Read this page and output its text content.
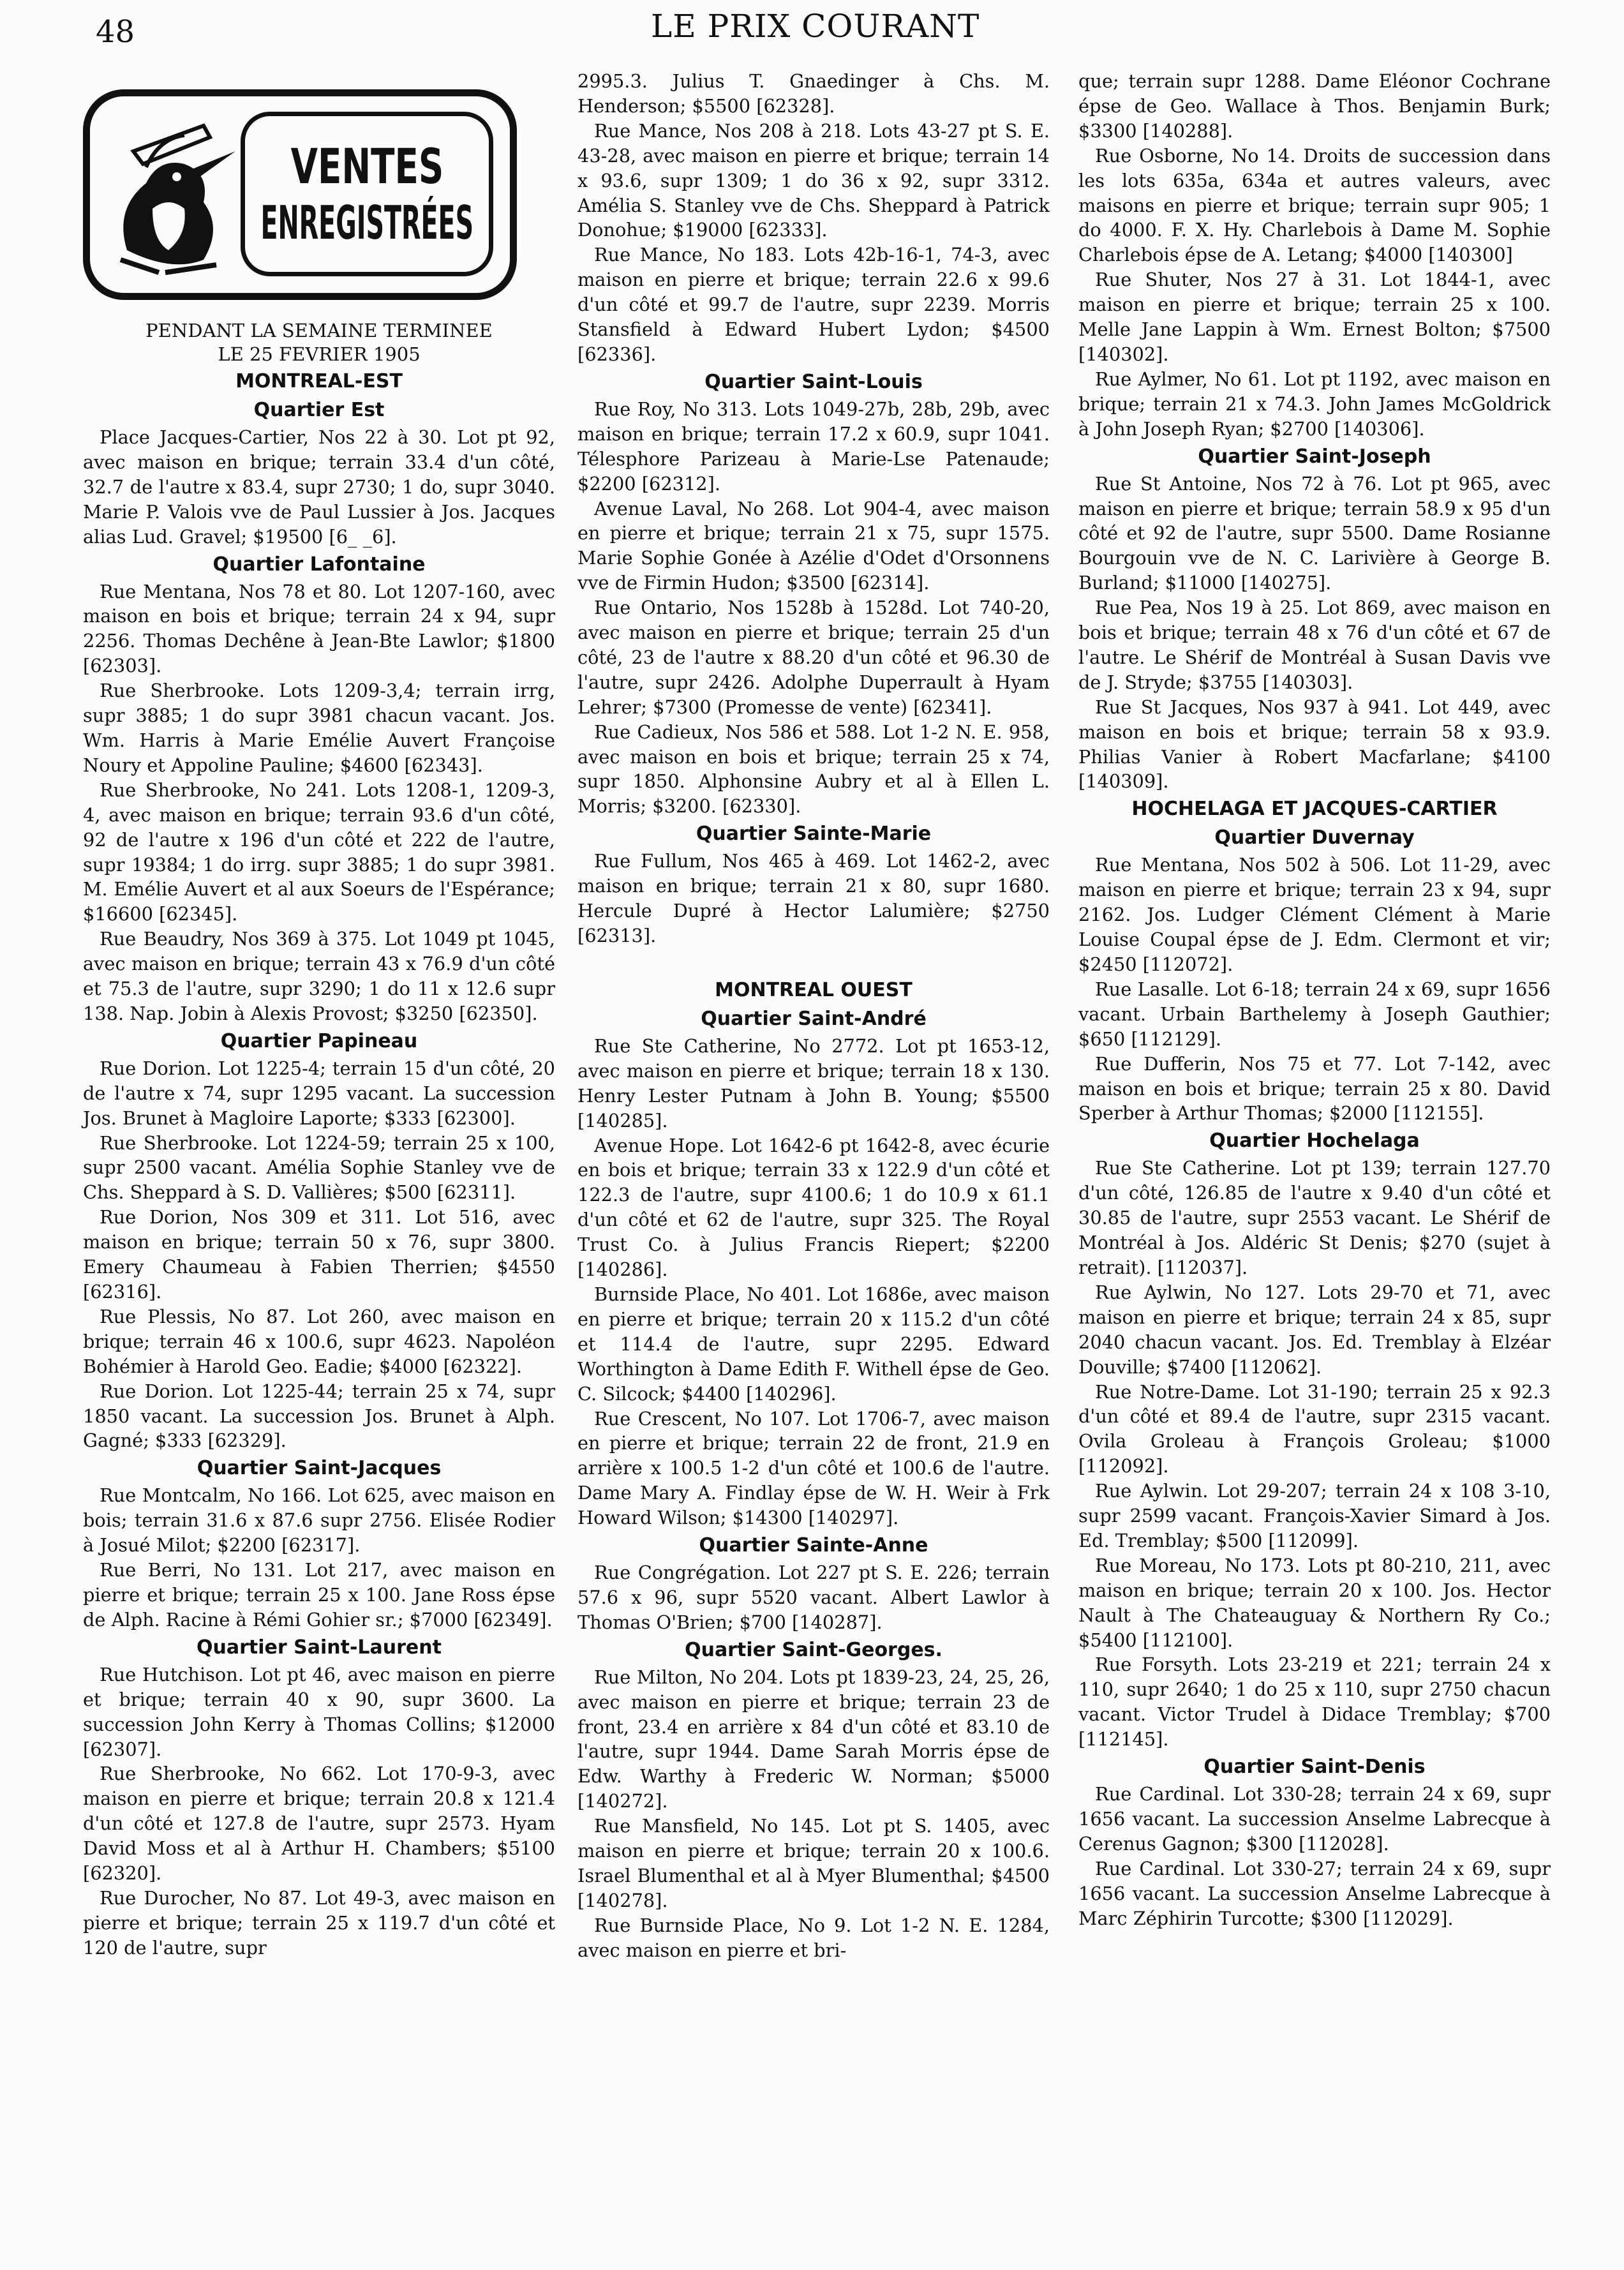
48	LE PRIX COURANT
VENTES
ENREGISTRÉES
PENDANT LA SEMAINE TERMINEE
LE 25 FEVRIER 1905
MONTREAL-EST
Quartier Est

Place Jacques-Cartier, Nos 22 à 30. Lot pt 92, avec maison en brique; terrain 33.4 d'un côté, 32.7 de l'autre x 83.4, supr 2730; 1 do, supr 3040. Marie P. Valois vve de Paul Lussier à Jos. Jacques alias Lud. Gravel; $19500 [6_ _6].

Quartier Lafontaine

Rue Mentana, Nos 78 et 80. Lot 1207-160, avec maison en bois et brique; terrain 24 x 94, supr 2256. Thomas Dechêne à Jean-Bte Lawlor; $1800 [62303].

Rue Sherbrooke. Lots 1209-3,4; terrain irrg, supr 3885; 1 do supr 3981 chacun vacant. Jos. Wm. Harris à Marie Emélie Auvert Françoise Noury et Appoline Pauline; $4600 [62343].

Rue Sherbrooke, No 241. Lots 1208-1, 1209-3, 4, avec maison en brique; terrain 93.6 d'un côté, 92 de l'autre x 196 d'un côté et 222 de l'autre, supr 19384; 1 do irrg. supr 3885; 1 do supr 3981. M. Emélie Auvert et al aux Soeurs de l'Espérance; $16600 [62345].

Rue Beaudry, Nos 369 à 375. Lot 1049 pt 1045, avec maison en brique; terrain 43 x 76.9 d'un côté et 75.3 de l'autre, supr 3290; 1 do 11 x 12.6 supr 138. Nap. Jobin à Alexis Provost; $3250 [62350].

Quartier Papineau

Rue Dorion. Lot 1225-4; terrain 15 d'un côté, 20 de l'autre x 74, supr 1295 vacant. La succession Jos. Brunet à Magloire Laporte; $333 [62300].

Rue Sherbrooke. Lot 1224-59; terrain 25 x 100, supr 2500 vacant. Amélia Sophie Stanley vve de Chs. Sheppard à S. D. Vallières; $500 [62311].

Rue Dorion, Nos 309 et 311. Lot 516, avec maison en brique; terrain 50 x 76, supr 3800. Emery Chaumeau à Fabien Therrien; $4550 [62316].

Rue Plessis, No 87. Lot 260, avec maison en brique; terrain 46 x 100.6, supr 4623. Napoléon Bohémier à Harold Geo. Eadie; $4000 [62322].

Rue Dorion. Lot 1225-44; terrain 25 x 74, supr 1850 vacant. La succession Jos. Brunet à Alph. Gagné; $333 [62329].

Quartier Saint-Jacques

Rue Montcalm, No 166. Lot 625, avec maison en bois; terrain 31.6 x 87.6 supr 2756. Elisée Rodier à Josué Milot; $2200 [62317].

Rue Berri, No 131. Lot 217, avec maison en pierre et brique; terrain 25 x 100. Jane Ross épse de Alph. Racine à Rémi Gohier sr.; $7000 [62349].

Quartier Saint-Laurent

Rue Hutchison. Lot pt 46, avec maison en pierre et brique; terrain 40 x 90, supr 3600. La succession John Kerry à Thomas Collins; $12000 [62307].

Rue Sherbrooke, No 662. Lot 170-9-3, avec maison en pierre et brique; terrain 20.8 x 121.4 d'un côté et 127.8 de l'autre, supr 2573. Hyam David Moss et al à Arthur H. Chambers; $5100 [62320].

Rue Durocher, No 87. Lot 49-3, avec maison en pierre et brique; terrain 25 x 119.7 d'un côté et 120 de l'autre, supr

2995.3. Julius T. Gnaedinger à Chs. M. Henderson; $5500 [62328].

Rue Mance, Nos 208 à 218. Lots 43-27 pt S. E. 43-28, avec maison en pierre et brique; terrain 14 x 93.6, supr 1309; 1 do 36 x 92, supr 3312. Amélia S. Stanley vve de Chs. Sheppard à Patrick Donohue; $19000 [62333].

Rue Mance, No 183. Lots 42b-16-1, 74-3, avec maison en pierre et brique; terrain 22.6 x 99.6 d'un côté et 99.7 de l'autre, supr 2239. Morris Stansfield à Edward Hubert Lydon; $4500 [62336].

Quartier Saint-Louis

Rue Roy, No 313. Lots 1049-27b, 28b, 29b, avec maison en brique; terrain 17.2 x 60.9, supr 1041. Télesphore Parizeau à Marie-Lse Patenaude; $2200 [62312].

Avenue Laval, No 268. Lot 904-4, avec maison en pierre et brique; terrain 21 x 75, supr 1575. Marie Sophie Gonée à Azélie d'Odet d'Orsonnens vve de Firmin Hudon; $3500 [62314].

Rue Ontario, Nos 1528b à 1528d. Lot 740-20, avec maison en pierre et brique; terrain 25 d'un côté, 23 de l'autre x 88.20 d'un côté et 96.30 de l'autre, supr 2426. Adolphe Duperrault à Hyam Lehrer; $7300 (Promesse de vente) [62341].

Rue Cadieux, Nos 586 et 588. Lot 1-2 N. E. 958, avec maison en bois et brique; terrain 25 x 74, supr 1850. Alphonsine Aubry et al à Ellen L. Morris; $3200. [62330].

Quartier Sainte-Marie

Rue Fullum, Nos 465 à 469. Lot 1462-2, avec maison en brique; terrain 21 x 80, supr 1680. Hercule Dupré à Hector Lalumière; $2750 [62313].

MONTREAL OUEST
Quartier Saint-André

Rue Ste Catherine, No 2772. Lot pt 1653-12, avec maison en pierre et brique; terrain 18 x 130. Henry Lester Putnam à John B. Young; $5500 [140285].

Avenue Hope. Lot 1642-6 pt 1642-8, avec écurie en bois et brique; terrain 33 x 122.9 d'un côté et 122.3 de l'autre, supr 4100.6; 1 do 10.9 x 61.1 d'un côté et 62 de l'autre, supr 325. The Royal Trust Co. à Julius Francis Riepert; $2200 [140286].

Burnside Place, No 401. Lot 1686e, avec maison en pierre et brique; terrain 20 x 115.2 d'un côté et 114.4 de l'autre, supr 2295. Edward Worthington à Dame Edith F. Withell épse de Geo. C. Silcock; $4400 [140296].

Rue Crescent, No 107. Lot 1706-7, avec maison en pierre et brique; terrain 22 de front, 21.9 en arrière x 100.5 1-2 d'un côté et 100.6 de l'autre. Dame Mary A. Findlay épse de W. H. Weir à Frk Howard Wilson; $14300 [140297].

Quartier Sainte-Anne

Rue Congrégation. Lot 227 pt S. E. 226; terrain 57.6 x 96, supr 5520 vacant. Albert Lawlor à Thomas O'Brien; $700 [140287].

Quartier Saint-Georges.

Rue Milton, No 204. Lots pt 1839-23, 24, 25, 26, avec maison en pierre et brique; terrain 23 de front, 23.4 en arrière x 84 d'un côté et 83.10 de l'autre, supr 1944. Dame Sarah Morris épse de Edw. Warthy à Frederic W. Norman; $5000 [140272].

Rue Mansfield, No 145. Lot pt S. 1405, avec maison en pierre et brique; terrain 20 x 100.6. Israel Blumenthal et al à Myer Blumenthal; $4500 [140278].

Rue Burnside Place, No 9. Lot 1-2 N. E. 1284, avec maison en pierre et bri-

que; terrain supr 1288. Dame Eléonor Cochrane épse de Geo. Wallace à Thos. Benjamin Burk; $3300 [140288].

Rue Osborne, No 14. Droits de succession dans les lots 635a, 634a et autres valeurs, avec maisons en pierre et brique; terrain supr 905; 1 do 4000. F. X. Hy. Charlebois à Dame M. Sophie Charlebois épse de A. Letang; $4000 [140300]

Rue Shuter, Nos 27 à 31. Lot 1844-1, avec maison en pierre et brique; terrain 25 x 100. Melle Jane Lappin à Wm. Ernest Bolton; $7500 [140302].

Rue Aylmer, No 61. Lot pt 1192, avec maison en brique; terrain 21 x 74.3. John James McGoldrick à John Joseph Ryan; $2700 [140306].

Quartier Saint-Joseph

Rue St Antoine, Nos 72 à 76. Lot pt 965, avec maison en pierre et brique; terrain 58.9 x 95 d'un côté et 92 de l'autre, supr 5500. Dame Rosianne Bourgouin vve de N. C. Larivière à George B. Burland; $11000 [140275].

Rue Pea, Nos 19 à 25. Lot 869, avec maison en bois et brique; terrain 48 x 76 d'un côté et 67 de l'autre. Le Shérif de Montréal à Susan Davis vve de J. Stryde; $3755 [140303].

Rue St Jacques, Nos 937 à 941. Lot 449, avec maison en bois et brique; terrain 58 x 93.9. Philias Vanier à Robert Macfarlane; $4100 [140309].

HOCHELAGA ET JACQUES-CARTIER
Quartier Duvernay

Rue Mentana, Nos 502 à 506. Lot 11-29, avec maison en pierre et brique; terrain 23 x 94, supr 2162. Jos. Ludger Clément Clément à Marie Louise Coupal épse de J. Edm. Clermont et vir; $2450 [112072].

Rue Lasalle. Lot 6-18; terrain 24 x 69, supr 1656 vacant. Urbain Barthelemy à Joseph Gauthier; $650 [112129].

Rue Dufferin, Nos 75 et 77. Lot 7-142, avec maison en bois et brique; terrain 25 x 80. David Sperber à Arthur Thomas; $2000 [112155].

Quartier Hochelaga

Rue Ste Catherine. Lot pt 139; terrain 127.70 d'un côté, 126.85 de l'autre x 9.40 d'un côté et 30.85 de l'autre, supr 2553 vacant. Le Shérif de Montréal à Jos. Aldéric St Denis; $270 (sujet à retrait). [112037].

Rue Aylwin, No 127. Lots 29-70 et 71, avec maison en pierre et brique; terrain 24 x 85, supr 2040 chacun vacant. Jos. Ed. Tremblay à Elzéar Douville; $7400 [112062].

Rue Notre-Dame. Lot 31-190; terrain 25 x 92.3 d'un côté et 89.4 de l'autre, supr 2315 vacant. Ovila Groleau à François Groleau; $1000 [112092].

Rue Aylwin. Lot 29-207; terrain 24 x 108 3-10, supr 2599 vacant. François-Xavier Simard à Jos. Ed. Tremblay; $500 [112099].

Rue Moreau, No 173. Lots pt 80-210, 211, avec maison en brique; terrain 20 x 100. Jos. Hector Nault à The Chateauguay & Northern Ry Co.; $5400 [112100].

Rue Forsyth. Lots 23-219 et 221; terrain 24 x 110, supr 2640; 1 do 25 x 110, supr 2750 chacun vacant. Victor Trudel à Didace Tremblay; $700 [112145].

Quartier Saint-Denis

Rue Cardinal. Lot 330-28; terrain 24 x 69, supr 1656 vacant. La succession Anselme Labrecque à Cerenus Gagnon; $300 [112028].

Rue Cardinal. Lot 330-27; terrain 24 x 69, supr 1656 vacant. La succession Anselme Labrecque à Marc Zéphirin Turcotte; $300 [112029].
